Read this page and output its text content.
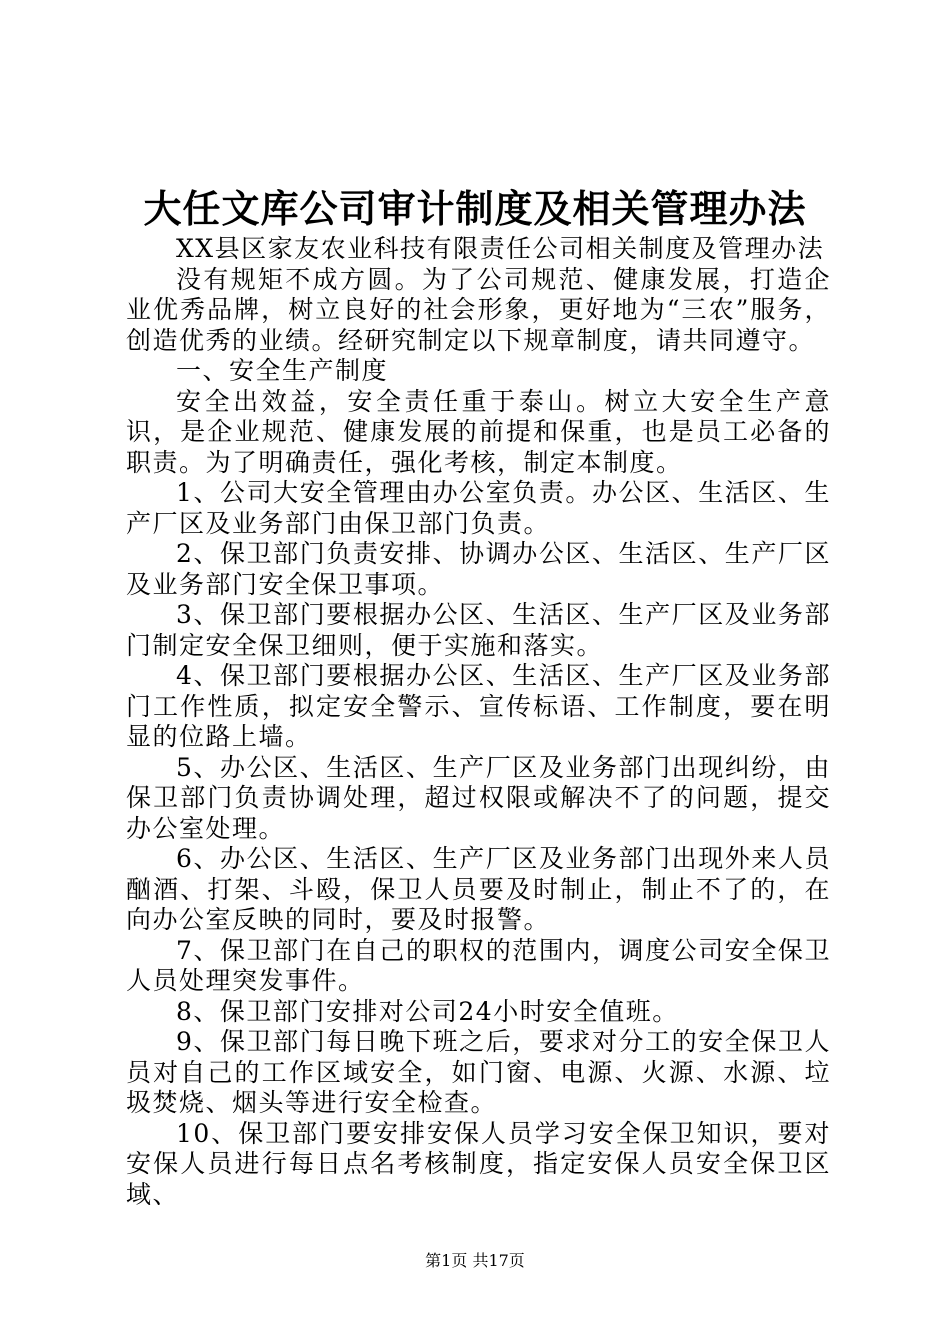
大任文库公司审计制度及相关管理办法

XX县区家友农业科技有限责任公司相关制度及管理办法

没有规矩不成方圆。为了公司规范、健康发展，打造企业优秀品牌，树立良好的社会形象，更好地为“三农”服务，创造优秀的业绩。经研究制定以下规章制度，请共同遵守。

一、安全生产制度

安全出效益，安全责任重于泰山。树立大安全生产意识，是企业规范、健康发展的前提和保重，也是员工必备的职责。为了明确责任，强化考核，制定本制度。

1、公司大安全管理由办公室负责。办公区、生活区、生产厂区及业务部门由保卫部门负责。

2、保卫部门负责安排、协调办公区、生活区、生产厂区及业务部门安全保卫事项。

3、保卫部门要根据办公区、生活区、生产厂区及业务部门制定安全保卫细则，便于实施和落实。

4、保卫部门要根据办公区、生活区、生产厂区及业务部门工作性质，拟定安全警示、宣传标语、工作制度，要在明显的位路上墙。

5、办公区、生活区、生产厂区及业务部门出现纠纷，由保卫部门负责协调处理，超过权限或解决不了的问题，提交办公室处理。

6、办公区、生活区、生产厂区及业务部门出现外来人员酗酒、打架、斗殴，保卫人员要及时制止，制止不了的，在向办公室反映的同时，要及时报警。

7、保卫部门在自己的职权的范围内，调度公司安全保卫人员处理突发事件。

8、保卫部门安排对公司24小时安全值班。

9、保卫部门每日晚下班之后，要求对分工的安全保卫人员对自己的工作区域安全，如门窗、电源、火源、水源、垃圾焚烧、烟头等进行安全检查。

10、保卫部门要安排安保人员学习安全保卫知识，要对安保人员进行每日点名考核制度，指定安保人员安全保卫区域、

第1页 共17页
